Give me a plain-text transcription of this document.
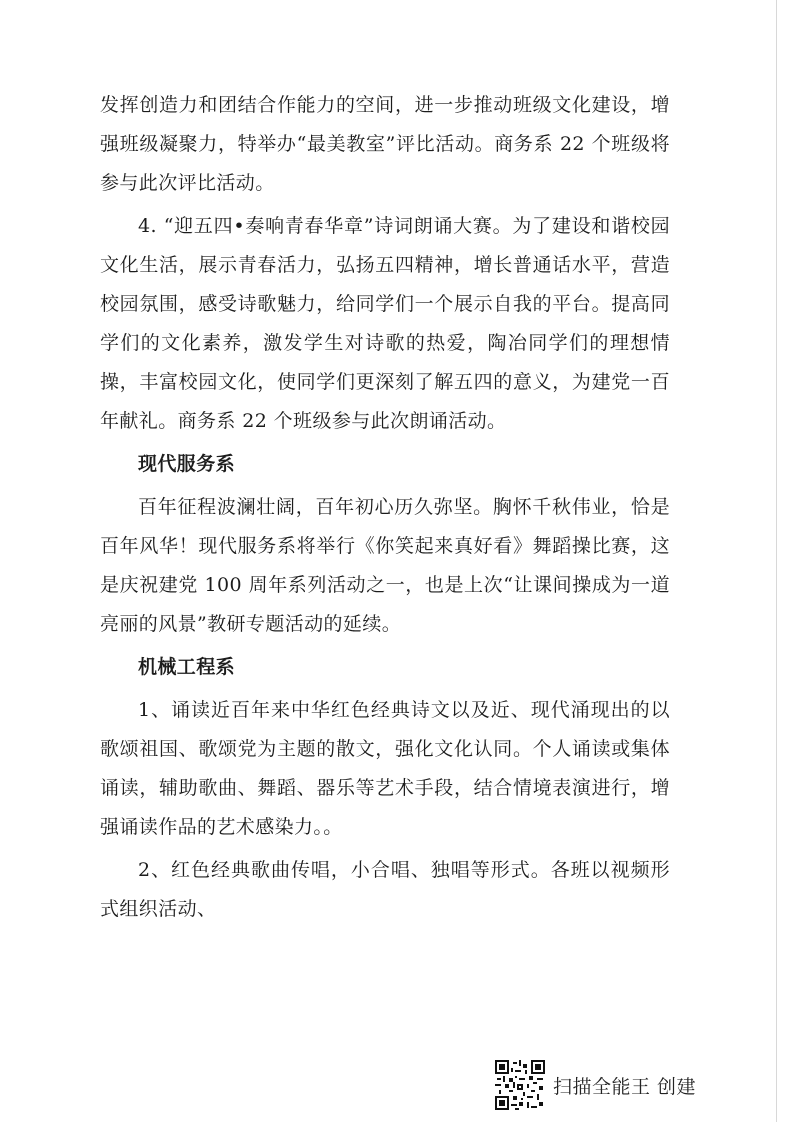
发挥创造力和团结合作能力的空间，进一步推动班级文化建设，增强班级凝聚力，特举办“最美教室”评比活动。商务系 22 个班级将参与此次评比活动。

4. “迎五四•奏响青春华章”诗词朗诵大赛。为了建设和谐校园文化生活，展示青春活力，弘扬五四精神，增长普通话水平，营造校园氛围，感受诗歌魅力，给同学们一个展示自我的平台。提高同学们的文化素养，激发学生对诗歌的热爱，陶冶同学们的理想情操，丰富校园文化，使同学们更深刻了解五四的意义，为建党一百年献礼。商务系 22 个班级参与此次朗诵活动。

现代服务系

百年征程波澜壮阔，百年初心历久弥坚。胸怀千秋伟业，恰是百年风华！现代服务系将举行《你笑起来真好看》舞蹈操比赛，这是庆祝建党 100 周年系列活动之一，也是上次“让课间操成为一道亮丽的风景”教研专题活动的延续。

机械工程系

1、诵读近百年来中华红色经典诗文以及近、现代涌现出的以歌颂祖国、歌颂党为主题的散文，强化文化认同。个人诵读或集体诵读，辅助歌曲、舞蹈、器乐等艺术手段，结合情境表演进行，增强诵读作品的艺术感染力。。

2、红色经典歌曲传唱，小合唱、独唱等形式。各班以视频形式组织活动、

扫描全能王 创建
